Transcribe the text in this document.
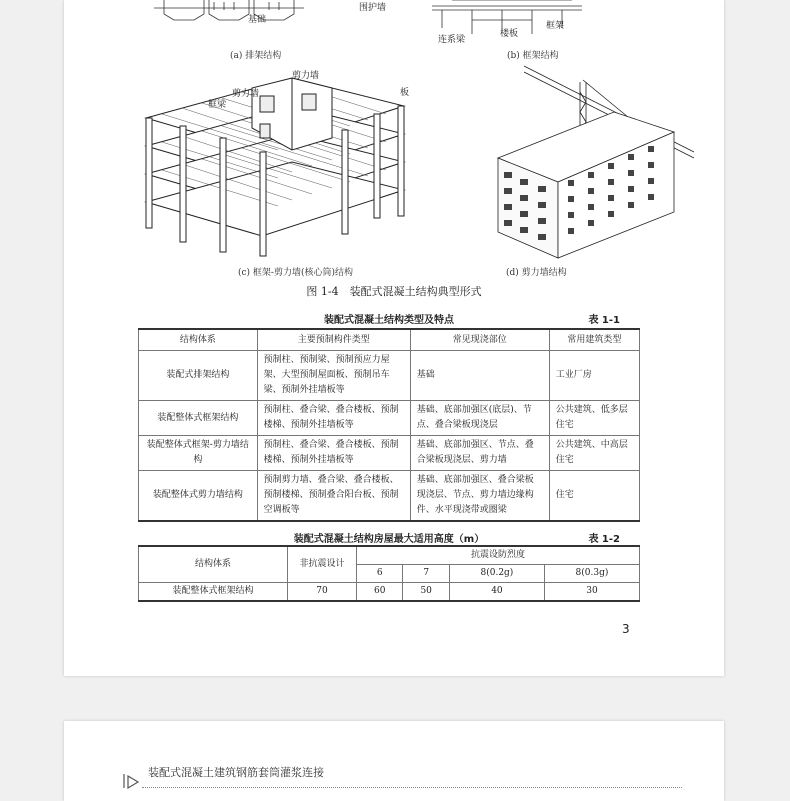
基础
围护墙
(a) 排架结构
连系梁
楼板
框架
(b) 框架结构
剪力墙
剪力墙
框梁
板
(c) 框架-剪力墙(核心筒)结构	(d) 剪力墙结构
图 1-4　装配式混凝土结构典型形式
装配式混凝土结构类型及特点	表 1-1
结构体系	主要预制构件类型	常见现浇部位	常用建筑类型
装配式排架结构	预制柱、预制梁、预制预应力屋架、大型预制屋面板、预制吊车梁、预制外挂墙板等	基础	工业厂房
装配整体式框架结构	预制柱、叠合梁、叠合楼板、预制楼梯、预制外挂墙板等	基础、底部加强区(底层)、节点、叠合梁板现浇层	公共建筑、低多层住宅
装配整体式框架-剪力墙结构	预制柱、叠合梁、叠合楼板、预制楼梯、预制外挂墙板等	基础、底部加强区、节点、叠合梁板现浇层、剪力墙	公共建筑、中高层住宅
装配整体式剪力墙结构	预制剪力墙、叠合梁、叠合楼板、预制楼梯、预制叠合阳台板、预制空调板等	基础、底部加强区、叠合梁板现浇层、节点、剪力墙边缘构件、水平现浇带或圈梁	住宅
装配式混凝土结构房屋最大适用高度（m）	表 1-2
结构体系	非抗震设计	抗震设防烈度			
		6	7	8(0.2g)	8(0.3g)
装配整体式框架结构	70	60	50	40	30
3
装配式混凝土建筑钢筋套筒灌浆连接
